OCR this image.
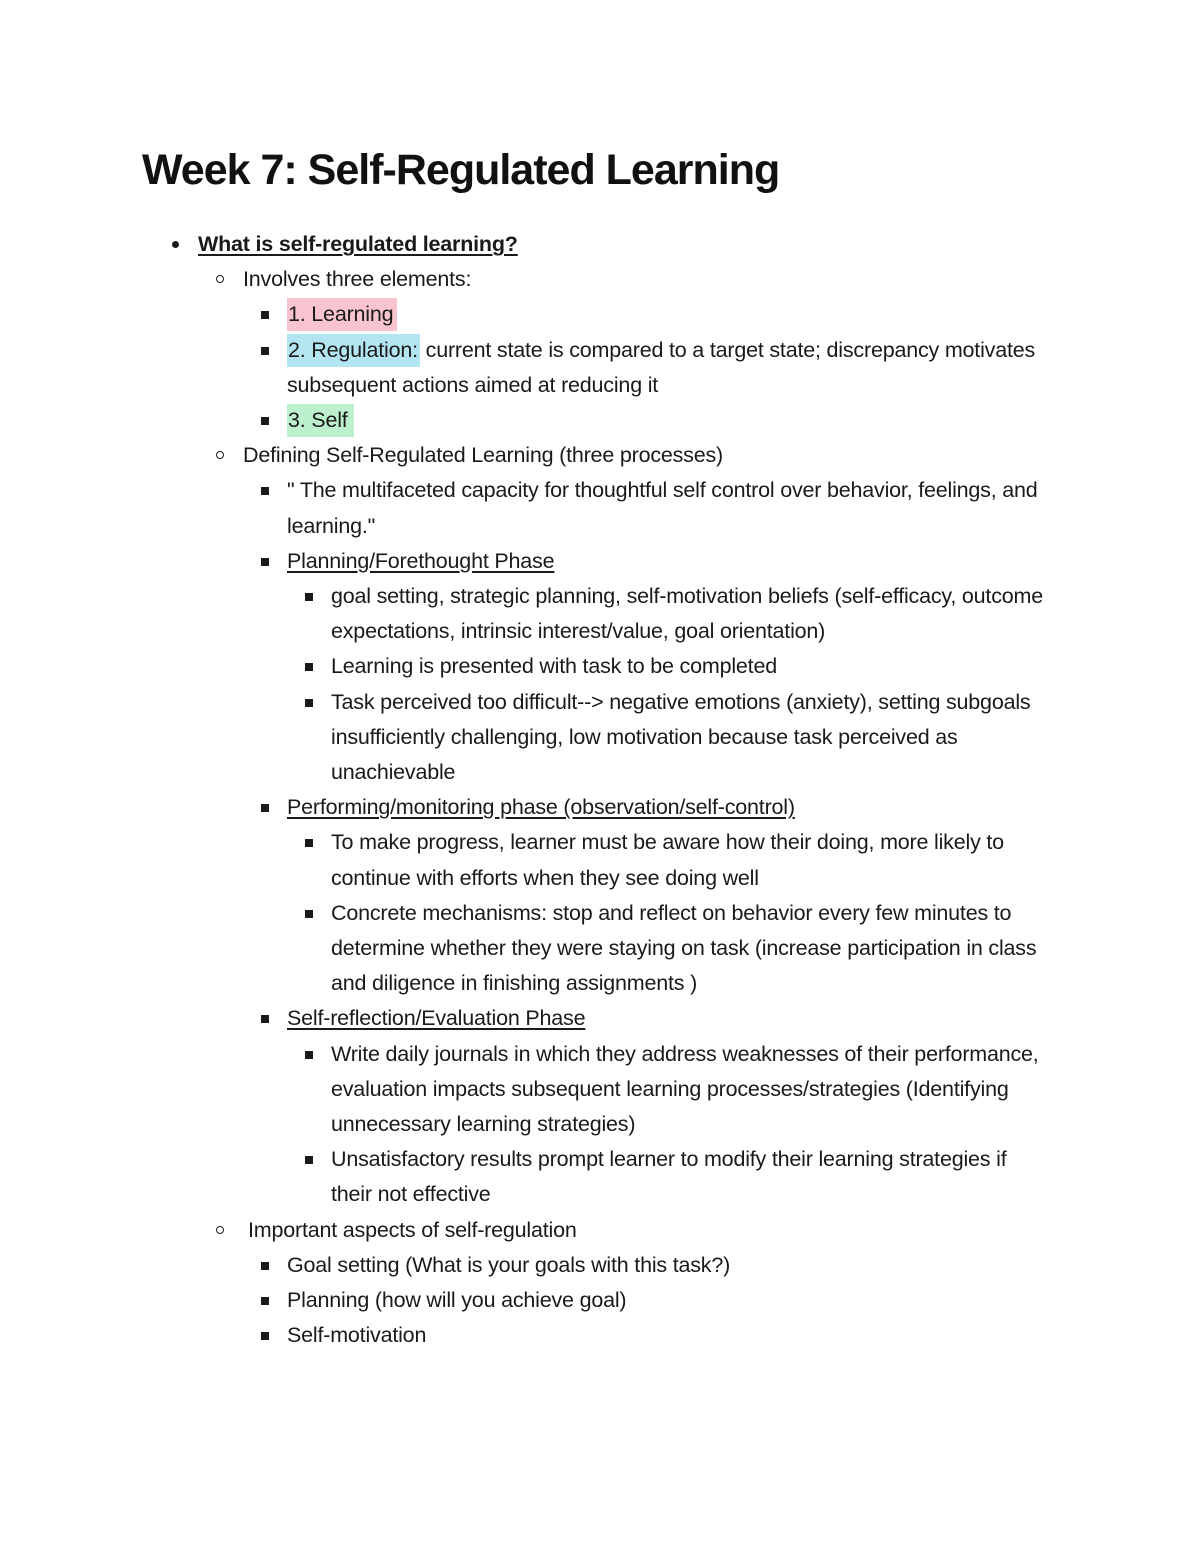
Week 7: Self-Regulated Learning
What is self-regulated learning?
Involves three elements:
1. Learning
2. Regulation: current state is compared to a target state; discrepancy motivates subsequent actions aimed at reducing it
3. Self
Defining Self-Regulated Learning (three processes)
" The multifaceted capacity for thoughtful self control over behavior, feelings, and learning."
Planning/Forethought Phase
goal setting, strategic planning, self-motivation beliefs (self-efficacy, outcome expectations, intrinsic interest/value, goal orientation)
Learning is presented with task to be completed
Task perceived too difficult--> negative emotions (anxiety), setting subgoals insufficiently challenging, low motivation because task perceived as unachievable
Performing/monitoring phase (observation/self-control)
To make progress, learner must be aware how their doing, more likely to continue with efforts when they see doing well
Concrete mechanisms: stop and reflect on behavior every few minutes to determine whether they were staying on task (increase participation in class and diligence in finishing assignments )
Self-reflection/Evaluation Phase
Write daily journals in which they address weaknesses of their performance, evaluation impacts subsequent learning processes/strategies (Identifying unnecessary learning strategies)
Unsatisfactory results prompt learner to modify their learning strategies if their not effective
Important aspects of self-regulation
Goal setting (What is your goals with this task?)
Planning (how will you achieve goal)
Self-motivation
